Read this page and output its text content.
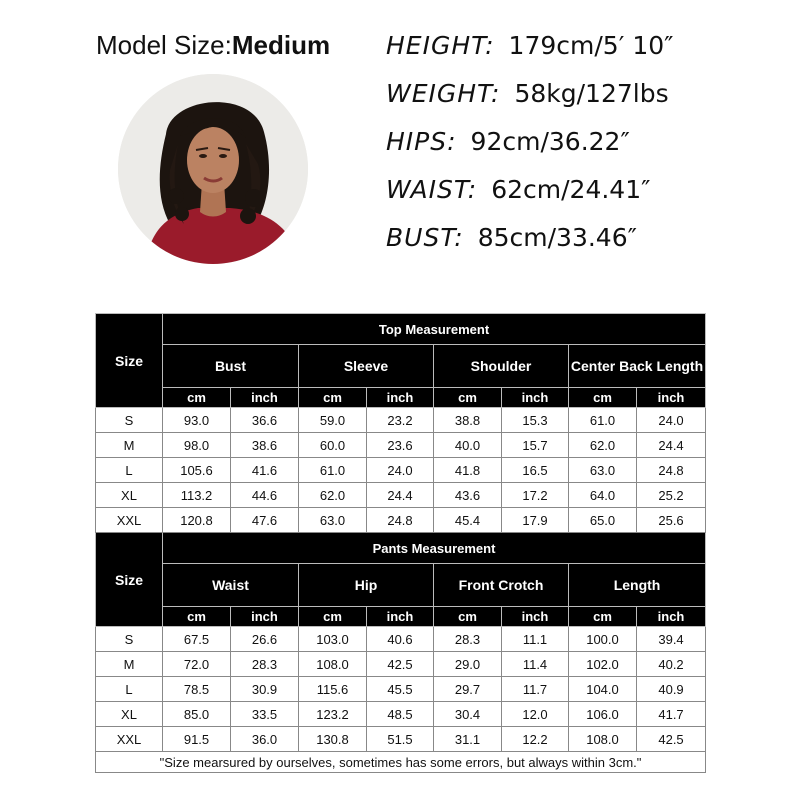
Model Size:Medium HEIGHT: 179cm/5′ 10″
WEIGHT: 58kg/127lbs
HIPS: 92cm/36.22″
WAIST: 62cm/24.41″
BUST: 85cm/33.46″
Size	Top Measurement							
	Bust		Sleeve		Shoulder		Center Back Length	
	cm	inch	cm	inch	cm	inch	cm	inch
S	93.0	36.6	59.0	23.2	38.8	15.3	61.0	24.0
M	98.0	38.6	60.0	23.6	40.0	15.7	62.0	24.4
L	105.6	41.6	61.0	24.0	41.8	16.5	63.0	24.8
XL	113.2	44.6	62.0	24.4	43.6	17.2	64.0	25.2
XXL	120.8	47.6	63.0	24.8	45.4	17.9	65.0	25.6
Size	Pants Measurement							
	Waist		Hip		Front Crotch		Length	
	cm	inch	cm	inch	cm	inch	cm	inch
S	67.5	26.6	103.0	40.6	28.3	11.1	100.0	39.4
M	72.0	28.3	108.0	42.5	29.0	11.4	102.0	40.2
L	78.5	30.9	115.6	45.5	29.7	11.7	104.0	40.9
XL	85.0	33.5	123.2	48.5	30.4	12.0	106.0	41.7
XXL	91.5	36.0	130.8	51.5	31.1	12.2	108.0	42.5
"Size mearsured by ourselves, sometimes has some errors, but always within 3cm."								
